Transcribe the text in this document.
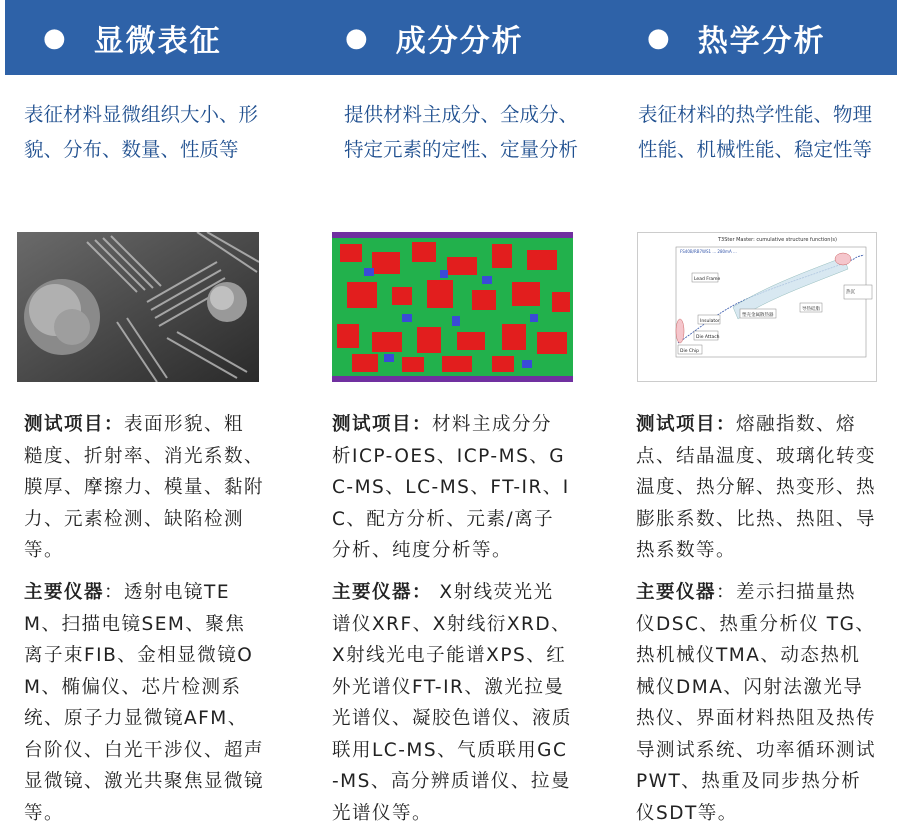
● 显微表征	● 成分分析	● 热学分析
表征材料显微组织大小、形貌、分布、数量、性质等
测试项目：表面形貌、粗糙度、折射率、消光系数、膜厚、摩擦力、模量、黏附力、元素检测、缺陷检测等。
主要仪器：透射电镜TEM、扫描电镜SEM、聚焦离子束FIB、金相显微镜OM、椭偏仪、芯片检测系统、原子力显微镜AFM、台阶仪、白光干涉仪、超声显微镜、激光共聚焦显微镜等。
提供材料主成分、全成分、特定元素的定性、定量分析
测试项目：材料主成分分析ICP-OES、ICP-MS、GC-MS、LC-MS、FT-IR、IC、配方分析、元素/离子分析、纯度分析等。
主要仪器： X射线荧光光谱仪XRF、X射线衍XRD、X射线光电子能谱XPS、红外光谱仪FT-IR、激光拉曼光谱仪、凝胶色谱仪、液质联用LC-MS、气质联用GC-MS、高分辨质谱仪、拉曼光谱仪等。
表征材料的热学性能、物理性能、机械性能、稳定性等
T3Ster Master: cumulative structure function(s)
FS40B/RB7WS1 ... 280mA ...
Lead Frame
Insulator
Die Attach
Die Chip
热沉
导热硅脂
塑壳金属散热器
测试项目：熔融指数、熔点、结晶温度、玻璃化转变温度、热分解、热变形、热膨胀系数、比热、热阻、导热系数等。
主要仪器：差示扫描量热仪DSC、热重分析仪 TG、热机械仪TMA、动态热机械仪DMA、闪射法激光导热仪、界面材料热阻及热传导测试系统、功率循环测试PWT、热重及同步热分析仪SDT等。
